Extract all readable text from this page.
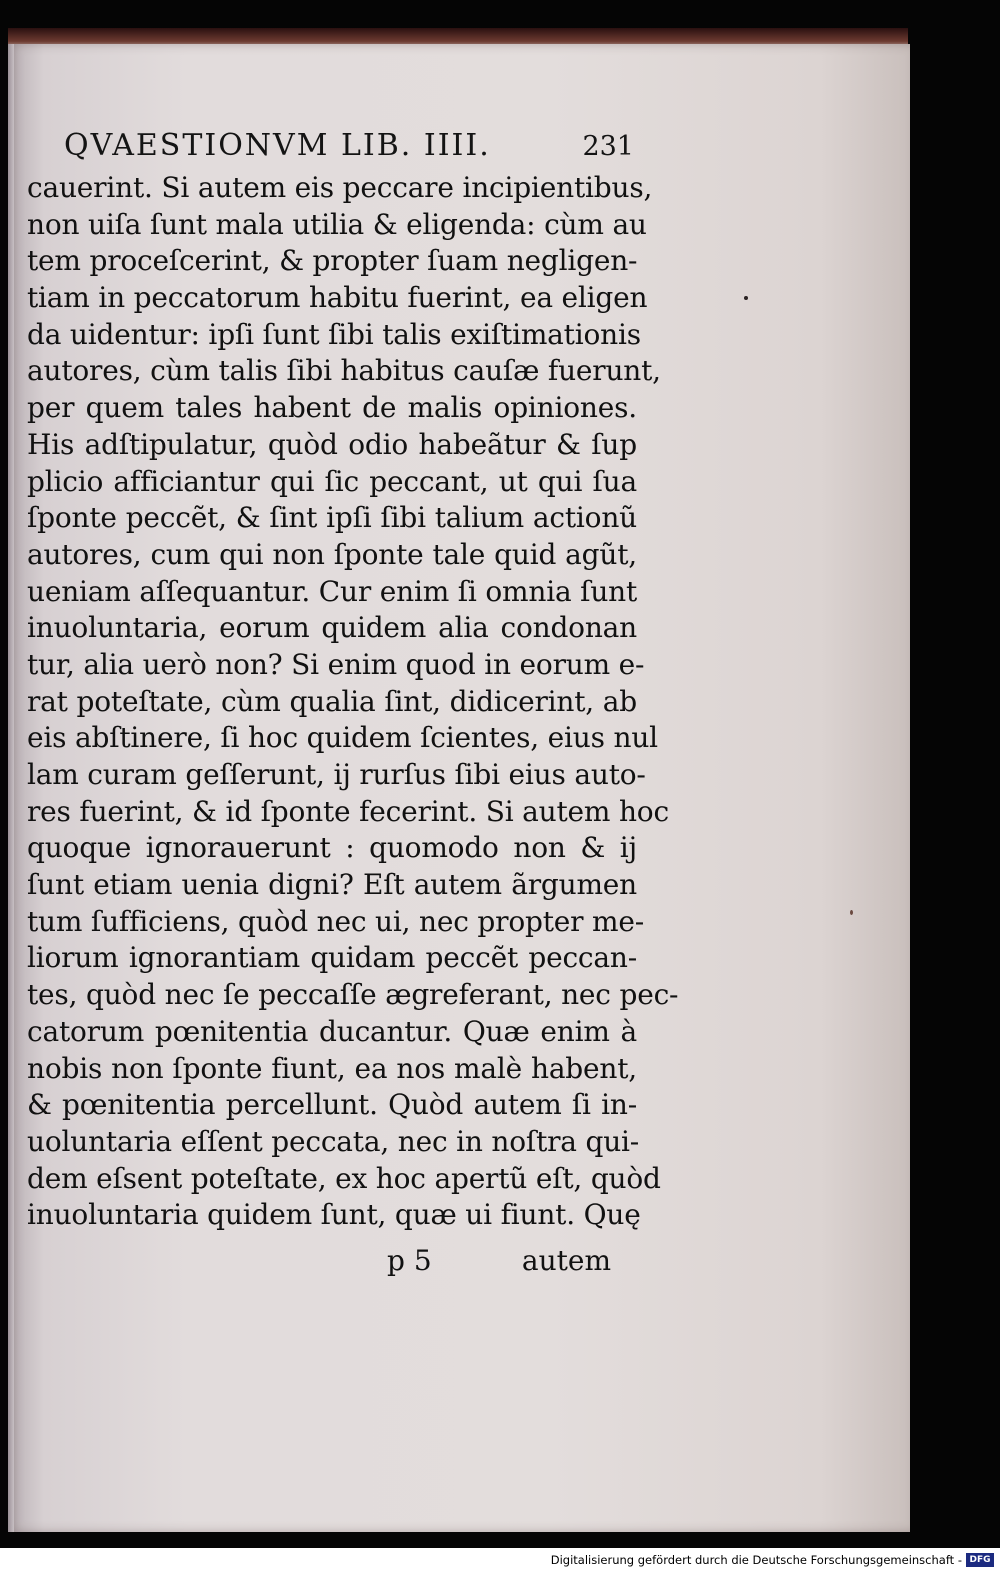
QVAESTIONVM LIB. IIII.	231
cauerint. Si autem eis peccare incipientibus,
non uiſa ſunt mala utilia & eligenda: cùm au
tem proceſcerint, & propter ſuam negligen-
tiam in peccatorum habitu fuerint, ea eligen
da uidentur: ipſi ſunt ſibi talis exiſtimationis
autores, cùm talis ſibi habitus cauſæ fuerunt,
per quem tales habent de malis opiniones.
His adſtipulatur, quòd odio habeãtur & ſup
plicio afficiantur qui ſic peccant, ut qui ſua
ſponte peccẽt, & ſint ipſi ſibi talium actionũ
autores, cum qui non ſponte tale quid agũt,
ueniam aſſequantur. Cur enim ſi omnia ſunt
inuoluntaria, eorum quidem alia condonan
tur, alia uerò non? Si enim quod in eorum e-
rat poteſtate, cùm qualia ſint, didicerint, ab
eis abſtinere, ſi hoc quidem ſcientes, eius nul
lam curam geſſerunt, ij rurſus ſibi eius auto-
res fuerint, & id ſponte fecerint. Si autem hoc
quoque ignorauerunt : quomodo non & ij
ſunt etiam uenia digni? Eſt autem ãrgumen
tum ſufficiens, quòd nec ui, nec propter me-
liorum ignorantiam quidam peccẽt peccan-
tes, quòd nec ſe peccaſſe ægreferant, nec pec-
catorum pœnitentia ducantur. Quæ enim à
nobis non ſponte fiunt, ea nos malè habent,
& pœnitentia percellunt. Quòd autem ſi in-
uoluntaria eſſent peccata, nec in noſtra qui-
dem eſsent poteſtate, ex hoc apertũ eſt, quòd
inuoluntaria quidem ſunt, quæ ui fiunt. Quę
p 5	autem
Digitalisierung gefördert durch die Deutsche Forschungsgemeinschaft - DFG
